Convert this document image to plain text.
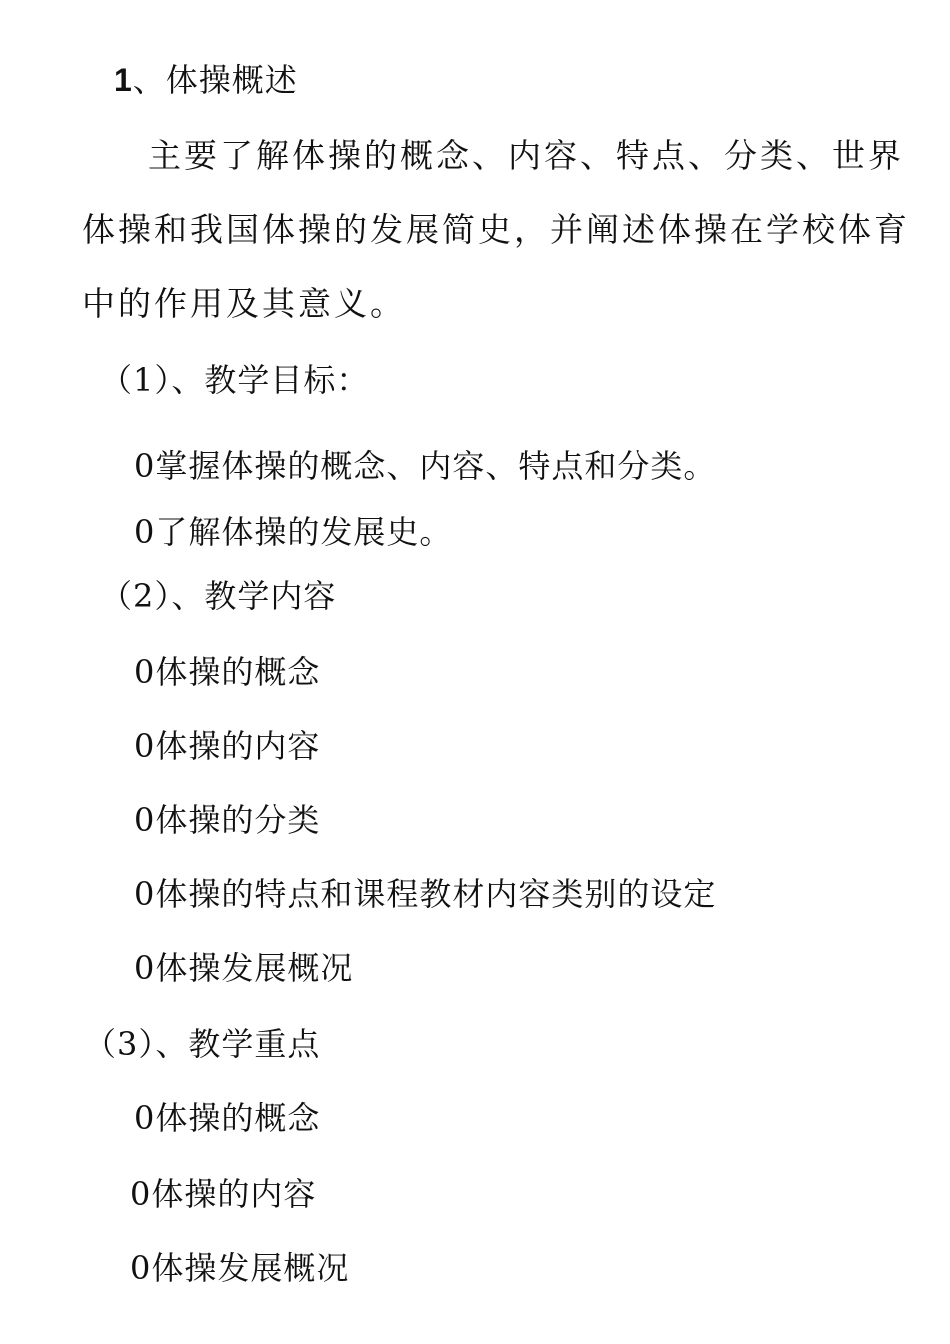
1、体操概述
主要了解体操的概念、内容、特点、分类、世界
体操和我国体操的发展简史，并阐述体操在学校体育
中的作用及其意义。
（1）、教学目标：
0掌握体操的概念、内容、特点和分类。
0了解体操的发展史。
（2）、教学内容
0体操的概念
0体操的内容
0体操的分类
0体操的特点和课程教材内容类别的设定
0体操发展概况
（3）、教学重点
0体操的概念
0体操的内容
0体操发展概况
